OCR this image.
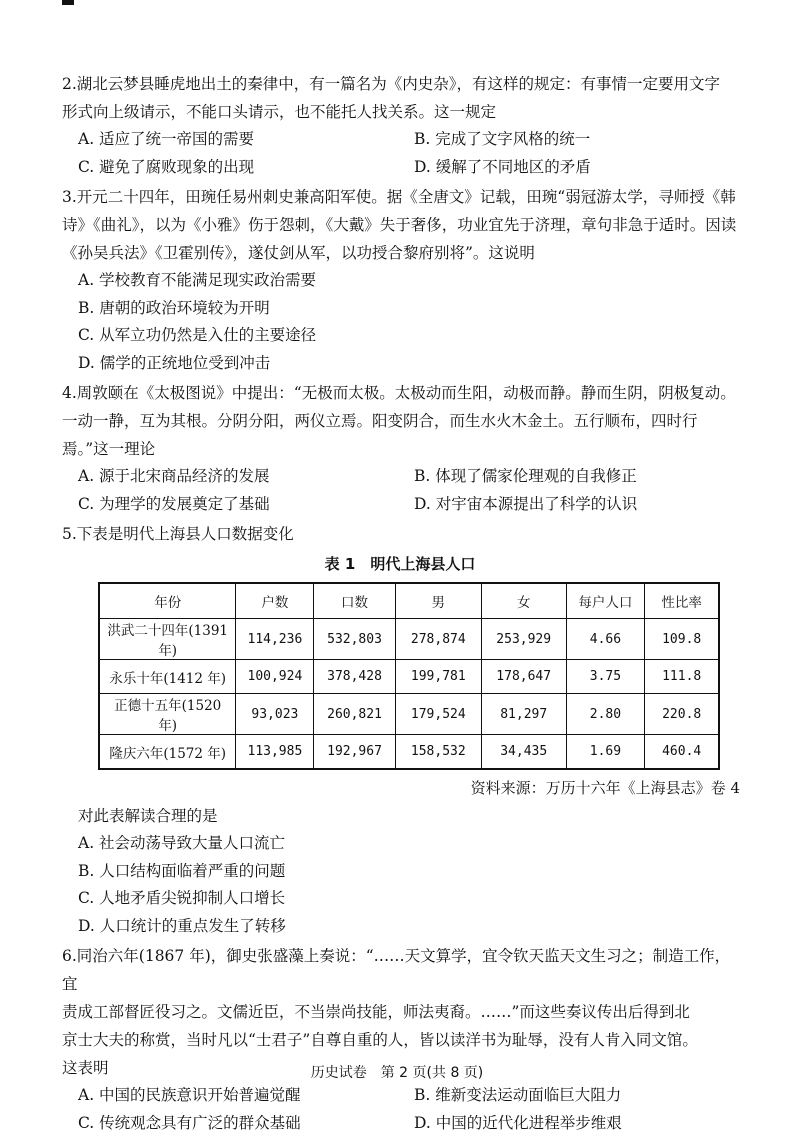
2.湖北云梦县睡虎地出土的秦律中，有一篇名为《内史杂》，有这样的规定：有事情一定要用文字

形式向上级请示，不能口头请示，也不能托人找关系。这一规定

A. 适应了统一帝国的需要	B. 完成了文字风格的统一
C. 避免了腐败现象的出现	D. 缓解了不同地区的矛盾

3.开元二十四年，田琬任易州刺史兼高阳军使。据《全唐文》记载，田琬“弱冠游太学，寻师授《韩

诗》《曲礼》，以为《小雅》伤于怨刺，《大戴》失于奢侈，功业宜先于济理，章句非急于适时。因读

《孙吴兵法》《卫霍别传》，遂仗剑从军，以功授合黎府别将”。这说明

A. 学校教育不能满足现实政治需要
B. 唐朝的政治环境较为开明
C. 从军立功仍然是入仕的主要途径
D. 儒学的正统地位受到冲击

4.周敦颐在《太极图说》中提出：“无极而太极。太极动而生阳，动极而静。静而生阴，阴极复动。

一动一静，互为其根。分阴分阳，两仪立焉。阳变阴合，而生水火木金土。五行顺布，四时行

焉。”这一理论

A. 源于北宋商品经济的发展	B. 体现了儒家伦理观的自我修正
C. 为理学的发展奠定了基础	D. 对宇宙本源提出了科学的认识

5.下表是明代上海县人口数据变化

表 1　明代上海县人口
年份	户数	口数	男	女	每户人口	性比率
洪武二十四年(1391 年)	114,236	532,803	278,874	253,929	4.66	109.8
永乐十年(1412 年)	100,924	378,428	199,781	178,647	3.75	111.8
正德十五年(1520 年)	93,023	260,821	179,524	81,297	2.80	220.8
隆庆六年(1572 年)	113,985	192,967	158,532	34,435	1.69	460.4
资料来源：万历十六年《上海县志》卷 4

对此表解读合理的是

A. 社会动荡导致大量人口流亡
B. 人口结构面临着严重的问题
C. 人地矛盾尖锐抑制人口增长
D. 人口统计的重点发生了转移

6.同治六年(1867 年)，御史张盛藻上奏说：“……天文算学，宜令钦天监天文生习之；制造工作，宜

责成工部督匠役习之。文儒近臣，不当崇尚技能，师法夷裔。……”而这些奏议传出后得到北

京士大夫的称赏，当时凡以“士君子”自尊自重的人，皆以读洋书为耻辱，没有人肯入同文馆。

这表明

A. 中国的民族意识开始普遍觉醒	B. 维新变法运动面临巨大阻力
C. 传统观念具有广泛的群众基础	D. 中国的近代化进程举步维艰
历史试卷　第 2 页(共 8 页)
